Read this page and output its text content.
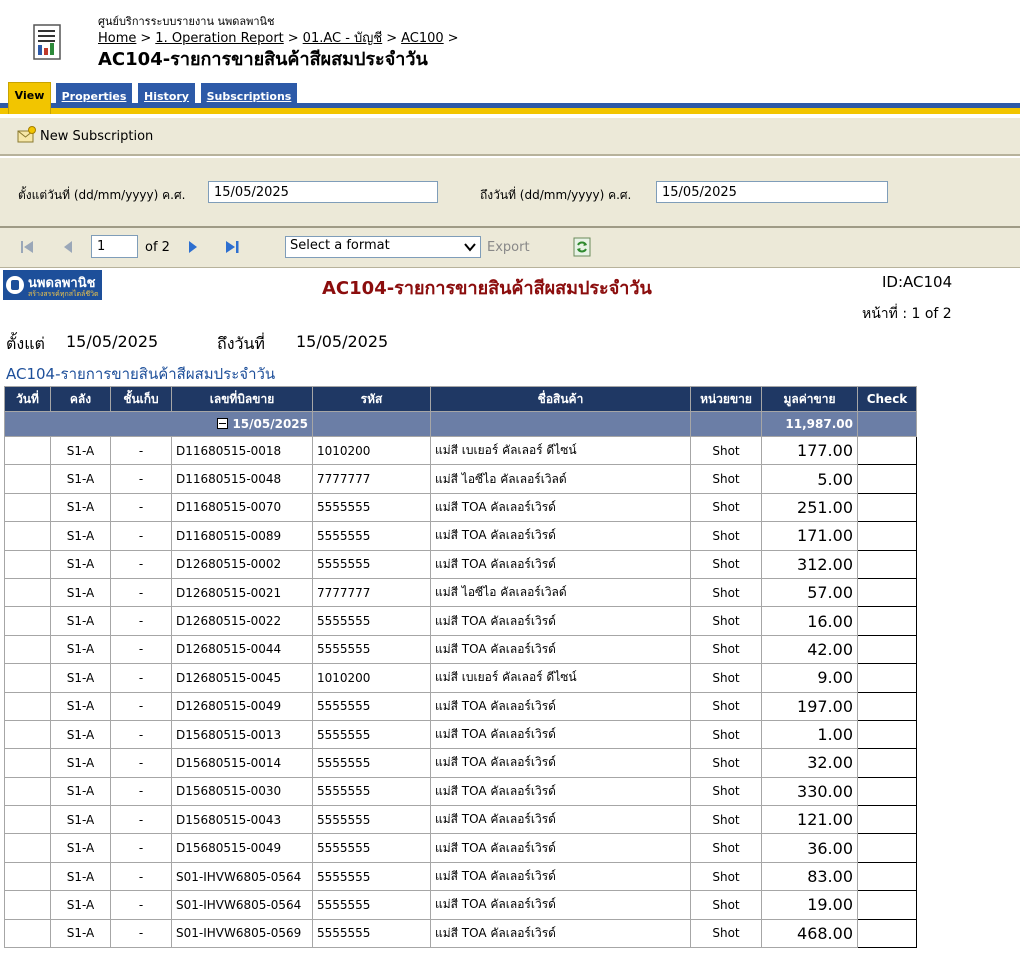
ศูนย์บริการระบบรายงาน นพดลพานิช
Home > 1. Operation Report > 01.AC - บัญชี > AC100 >
AC104-รายการขายสินค้าสีผสมประจำวัน
View	Properties	History	Subscriptions
New Subscription
ตั้งแต่วันที่ (dd/mm/yyyy) ค.ศ.
15/05/2025	ถึงวันที่ (dd/mm/yyyy) ค.ศ.
15/05/2025
1
of 2	Select a format	Export
นพดลพานิช
สร้างสรรค์ทุกสไตล์ชีวิต	AC104-รายการขายสินค้าสีผสมประจำวัน	ID:AC104
หน้าที่ : 1 of 2
ตั้งแต่ 15/05/2025	ถึงวันที่ 15/05/2025
AC104-รายการขายสินค้าสีผสมประจำวัน
วันที่	คลัง	ชั้นเก็บ	เลขที่บิลขาย	รหัส	ชื่อสินค้า	หน่วยขาย	มูลค่าขาย	Check
15/05/2025							11,987.00	
	S1-A	-	D11680515-0018	1010200	แม่สี เบเยอร์ คัลเลอร์ ดีไซน์	Shot	177.00	
	S1-A	-	D11680515-0048	7777777	แม่สี ไอซีไอ คัลเลอร์เวิลด์	Shot	5.00	
	S1-A	-	D11680515-0070	5555555	แม่สี TOA คัลเลอร์เวิรด์	Shot	251.00	
	S1-A	-	D11680515-0089	5555555	แม่สี TOA คัลเลอร์เวิรด์	Shot	171.00	
	S1-A	-	D12680515-0002	5555555	แม่สี TOA คัลเลอร์เวิรด์	Shot	312.00	
	S1-A	-	D12680515-0021	7777777	แม่สี ไอซีไอ คัลเลอร์เวิลด์	Shot	57.00	
	S1-A	-	D12680515-0022	5555555	แม่สี TOA คัลเลอร์เวิรด์	Shot	16.00	
	S1-A	-	D12680515-0044	5555555	แม่สี TOA คัลเลอร์เวิรด์	Shot	42.00	
	S1-A	-	D12680515-0045	1010200	แม่สี เบเยอร์ คัลเลอร์ ดีไซน์	Shot	9.00	
	S1-A	-	D12680515-0049	5555555	แม่สี TOA คัลเลอร์เวิรด์	Shot	197.00	
	S1-A	-	D15680515-0013	5555555	แม่สี TOA คัลเลอร์เวิรด์	Shot	1.00	
	S1-A	-	D15680515-0014	5555555	แม่สี TOA คัลเลอร์เวิรด์	Shot	32.00	
	S1-A	-	D15680515-0030	5555555	แม่สี TOA คัลเลอร์เวิรด์	Shot	330.00	
	S1-A	-	D15680515-0043	5555555	แม่สี TOA คัลเลอร์เวิรด์	Shot	121.00	
	S1-A	-	D15680515-0049	5555555	แม่สี TOA คัลเลอร์เวิรด์	Shot	36.00	
	S1-A	-	S01-IHVW6805-0564	5555555	แม่สี TOA คัลเลอร์เวิรด์	Shot	83.00	
	S1-A	-	S01-IHVW6805-0564	5555555	แม่สี TOA คัลเลอร์เวิรด์	Shot	19.00	
	S1-A	-	S01-IHVW6805-0569	5555555	แม่สี TOA คัลเลอร์เวิรด์	Shot	468.00	
